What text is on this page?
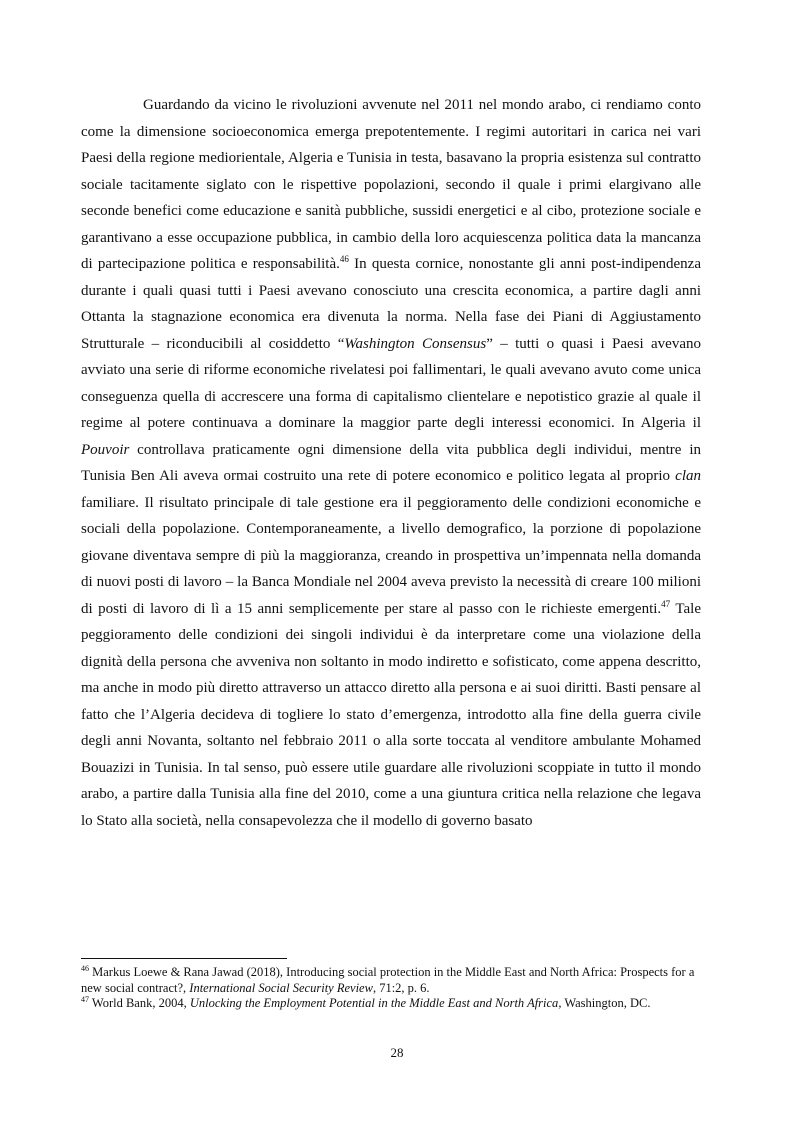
Guardando da vicino le rivoluzioni avvenute nel 2011 nel mondo arabo, ci rendiamo conto come la dimensione socioeconomica emerga prepotentemente. I regimi autoritari in carica nei vari Paesi della regione mediorientale, Algeria e Tunisia in testa, basavano la propria esistenza sul contratto sociale tacitamente siglato con le rispettive popolazioni, secondo il quale i primi elargivano alle seconde benefici come educazione e sanità pubbliche, sussidi energetici e al cibo, protezione sociale e garantivano a esse occupazione pubblica, in cambio della loro acquiescenza politica data la mancanza di partecipazione politica e responsabilità.$^{46}$ In questa cornice, nonostante gli anni post-indipendenza durante i quali quasi tutti i Paesi avevano conosciuto una crescita economica, a partire dagli anni Ottanta la stagnazione economica era divenuta la norma. Nella fase dei Piani di Aggiustamento Strutturale – riconducibili al cosiddetto “Washington Consensus” – tutti o quasi i Paesi avevano avviato una serie di riforme economiche rivelatesi poi fallimentari, le quali avevano avuto come unica conseguenza quella di accrescere una forma di capitalismo clientelare e nepotistico grazie al quale il regime al potere continuava a dominare la maggior parte degli interessi economici. In Algeria il Pouvoir controllava praticamente ogni dimensione della vita pubblica degli individui, mentre in Tunisia Ben Ali aveva ormai costruito una rete di potere economico e politico legata al proprio clan familiare. Il risultato principale di tale gestione era il peggioramento delle condizioni economiche e sociali della popolazione. Contemporaneamente, a livello demografico, la porzione di popolazione giovane diventava sempre di più la maggioranza, creando in prospettiva un’impennata nella domanda di nuovi posti di lavoro – la Banca Mondiale nel 2004 aveva previsto la necessità di creare 100 milioni di posti di lavoro di lì a 15 anni semplicemente per stare al passo con le richieste emergenti.$^{47}$ Tale peggioramento delle condizioni dei singoli individui è da interpretare come una violazione della dignità della persona che avveniva non soltanto in modo indiretto e sofisticato, come appena descritto, ma anche in modo più diretto attraverso un attacco diretto alla persona e ai suoi diritti. Basti pensare al fatto che l’Algeria decideva di togliere lo stato d’emergenza, introdotto alla fine della guerra civile degli anni Novanta, soltanto nel febbraio 2011 o alla sorte toccata al venditore ambulante Mohamed Bouazizi in Tunisia. In tal senso, può essere utile guardare alle rivoluzioni scoppiate in tutto il mondo arabo, a partire dalla Tunisia alla fine del 2010, come a una giuntura critica nella relazione che legava lo Stato alla società, nella consapevolezza che il modello di governo basato

$^{46}$ Markus Loewe & Rana Jawad (2018), Introducing social protection in the Middle East and North Africa: Prospects for a new social contract?, International Social Security Review, 71:2, p. 6.

$^{47}$ World Bank, 2004, Unlocking the Employment Potential in the Middle East and North Africa, Washington, DC.

28
